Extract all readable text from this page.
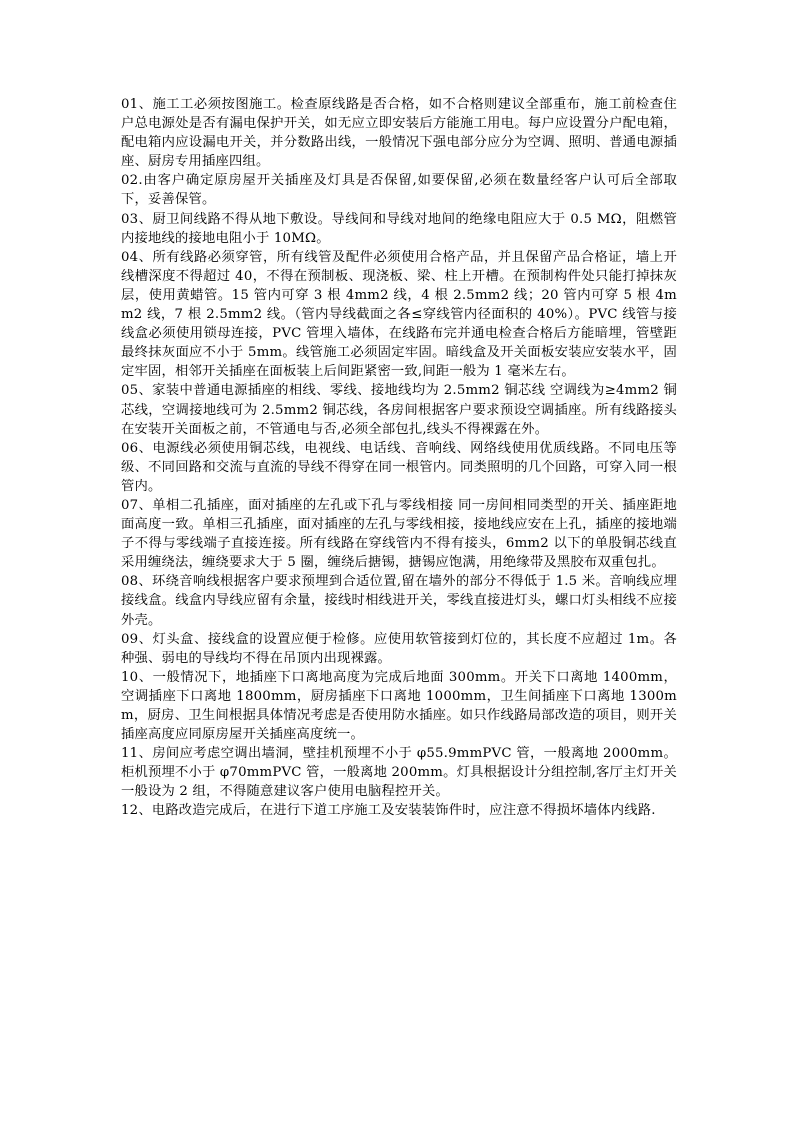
01、施工工必须按图施工。检查原线路是否合格，如不合格则建议全部重布，施工前检查住户总电源处是否有漏电保护开关，如无应立即安装后方能施工用电。每户应设置分户配电箱，配电箱内应设漏电开关，并分数路出线，一般情况下强电部分应分为空调、照明、普通电源插座、厨房专用插座四组。

02.由客户确定原房屋开关插座及灯具是否保留,如要保留,必须在数量经客户认可后全部取下，妥善保管。

03、厨卫间线路不得从地下敷设。导线间和导线对地间的绝缘电阻应大于 0.5 MΩ，阻燃管内接地线的接地电阻小于 10MΩ。

04、所有线路必须穿管，所有线管及配件必须使用合格产品，并且保留产品合格证，墙上开线槽深度不得超过 40，不得在预制板、现浇板、梁、柱上开槽。在预制构件处只能打掉抹灰层，使用黄蜡管。15 管内可穿 3 根 4mm2 线，4 根 2.5mm2 线；20 管内可穿 5 根 4mm2 线，7 根 2.5mm2 线。（管内导线截面之各≤穿线管内径面积的 40%）。PVC 线管与接线盒必须使用锁母连接，PVC 管埋入墙体，在线路布完并通电检查合格后方能暗埋，管壁距最终抹灰面应不小于 5mm。线管施工必须固定牢固。暗线盒及开关面板安装应安装水平，固定牢固，相邻开关插座在面板装上后间距紧密一致,间距一般为 1 毫米左右。

05、家装中普通电源插座的相线、零线、接地线均为 2.5mm2 铜芯线 空调线为≥4mm2 铜芯线，空调接地线可为 2.5mm2 铜芯线，各房间根据客户要求预设空调插座。所有线路接头在安装开关面板之前，不管通电与否,必须全部包扎,线头不得裸露在外。

06、电源线必须使用铜芯线，电视线、电话线、音响线、网络线使用优质线路。不同电压等级、不同回路和交流与直流的导线不得穿在同一根管内。同类照明的几个回路，可穿入同一根管内。

07、单相二孔插座，面对插座的左孔或下孔与零线相接 同一房间相同类型的开关、插座距地面高度一致。单相三孔插座，面对插座的左孔与零线相接，接地线应安在上孔，插座的接地端子不得与零线端子直接连接。所有线路在穿线管内不得有接头，6mm2 以下的单股铜芯线直采用缠绕法，缠绕要求大于 5 圈，缠绕后搪锡，搪锡应饱满，用绝缘带及黑胶布双重包扎。

08、环绕音响线根据客户要求预埋到合适位置,留在墙外的部分不得低于 1.5 米。音响线应埋接线盒。线盒内导线应留有余量，接线时相线进开关，零线直接进灯头，螺口灯头相线不应接外壳。

09、灯头盒、接线盒的设置应便于检修。应使用软管接到灯位的，其长度不应超过 1m。各种强、弱电的导线均不得在吊顶内出现裸露。

10、一般情况下，地插座下口离地高度为完成后地面 300mm。开关下口离地 1400mm，空调插座下口离地 1800mm，厨房插座下口离地 1000mm，卫生间插座下口离地 1300mm，厨房、卫生间根据具体情况考虑是否使用防水插座。如只作线路局部改造的项目，则开关插座高度应同原房屋开关插座高度统一。

11、房间应考虑空调出墙洞，壁挂机预埋不小于 φ55.9mmPVC 管，一般离地 2000mm。柜机预埋不小于 φ70mmPVC 管，一般离地 200mm。灯具根据设计分组控制,客厅主灯开关一般设为 2 组，不得随意建议客户使用电脑程控开关。

12、电路改造完成后，在进行下道工序施工及安装装饰件时，应注意不得损坏墙体内线路.
